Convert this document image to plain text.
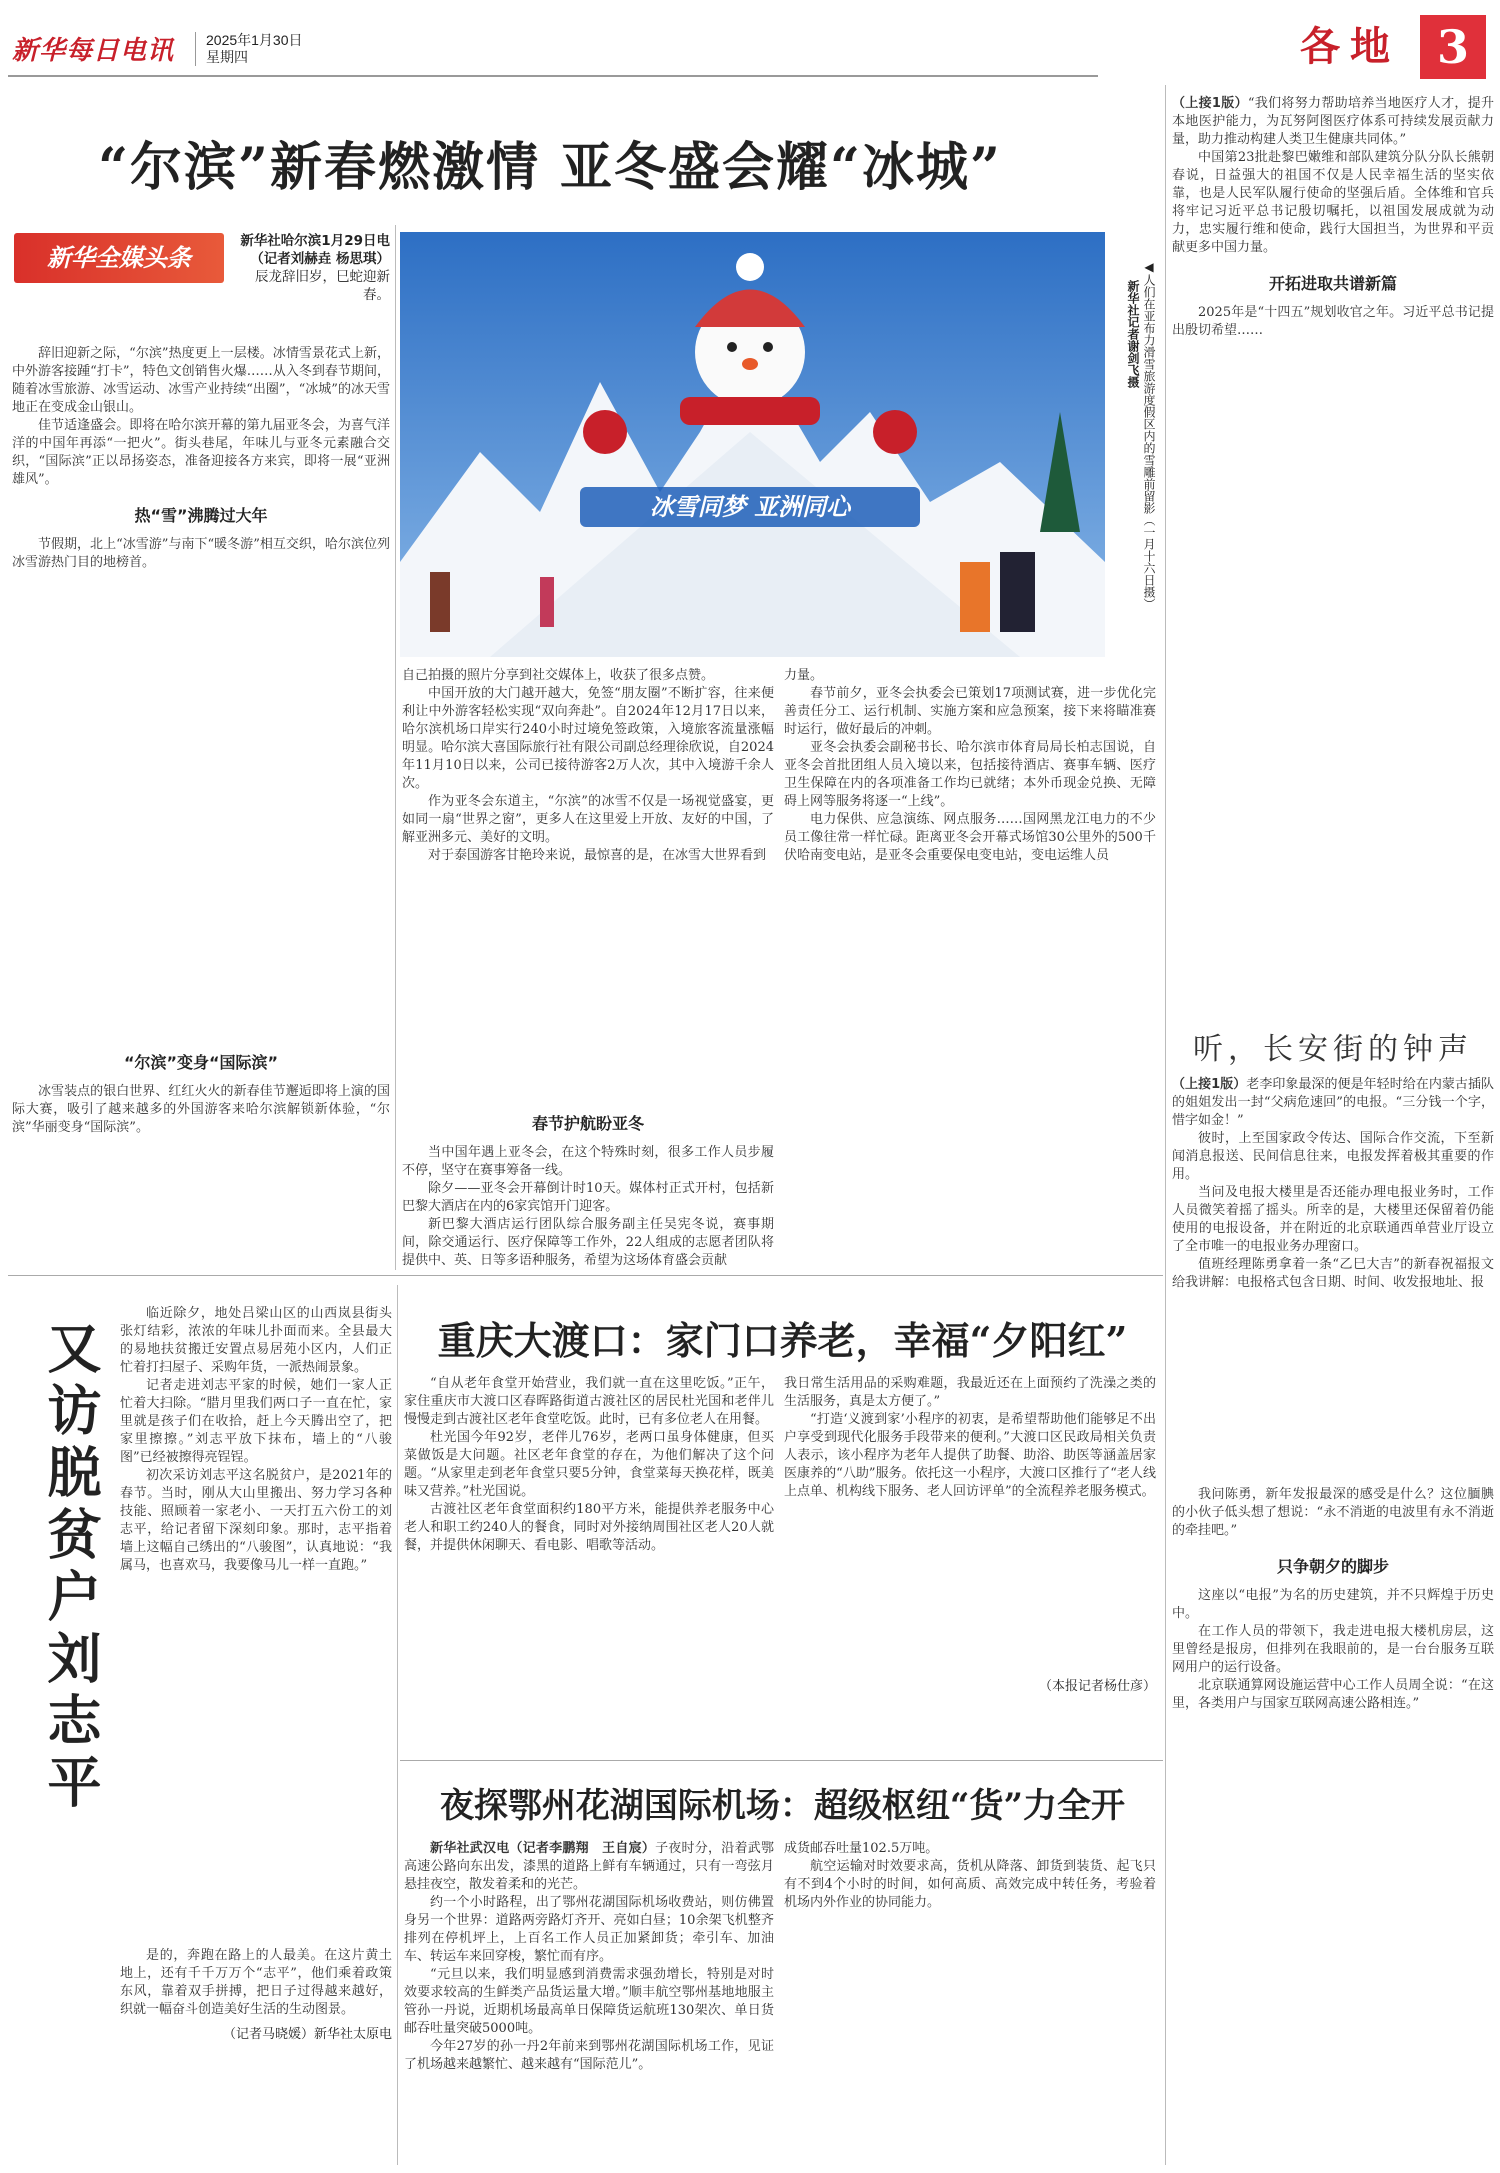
新华每日电讯 2025年1月30日
星期四	各地 3
“尔滨”新春燃激情 亚冬盛会耀“冰城”
新华全媒头条
新华社哈尔滨1月29日电（记者刘赫垚 杨思琪）辰龙辞旧岁，巳蛇迎新春。

辞旧迎新之际，“尔滨”热度更上一层楼。冰情雪景花式上新，中外游客接踵“打卡”，特色文创销售火爆……从入冬到春节期间，随着冰雪旅游、冰雪运动、冰雪产业持续“出圈”，“冰城”的冰天雪地正在变成金山银山。

佳节适逢盛会。即将在哈尔滨开幕的第九届亚冬会，为喜气洋洋的中国年再添“一把火”。街头巷尾，年味儿与亚冬元素融合交织，“国际滨”正以昂扬姿态，准备迎接各方来宾，即将一展“亚洲雄风”。

热“雪”沸腾过大年

节假期，北上“冰雪游”与南下“暖冬游”相互交织，哈尔滨位列冰雪游热门目的地榜首。

“尔滨”变身“国际滨”

冰雪装点的银白世界、红红火火的新春佳节邂逅即将上演的国际大赛，吸引了越来越多的外国游客来哈尔滨解锁新体验，“尔滨”华丽变身“国际滨”。

冰雪同梦 亚洲同心	◀人们在亚布力滑雪旅游度假区内的雪雕前留影（一月十六日摄） 新华社记者谢剑飞摄

自己拍摄的照片分享到社交媒体上，收获了很多点赞。

中国开放的大门越开越大，免签“朋友圈”不断扩容，往来便利让中外游客轻松实现“双向奔赴”。自2024年12月17日以来，哈尔滨机场口岸实行240小时过境免签政策，入境旅客流量涨幅明显。哈尔滨大喜国际旅行社有限公司副总经理徐欣说，自2024年11月10日以来，公司已接待游客2万人次，其中入境游千余人次。

作为亚冬会东道主，“尔滨”的冰雪不仅是一场视觉盛宴，更如同一扇“世界之窗”，更多人在这里爱上开放、友好的中国，了解亚洲多元、美好的文明。

对于泰国游客甘艳玲来说，最惊喜的是，在冰雪大世界看到

春节护航盼亚冬

当中国年遇上亚冬会，在这个特殊时刻，很多工作人员步履不停，坚守在赛事筹备一线。

除夕——亚冬会开幕倒计时10天。媒体村正式开村，包括新巴黎大酒店在内的6家宾馆开门迎客。

新巴黎大酒店运行团队综合服务副主任吴宪冬说，赛事期间，除交通运行、医疗保障等工作外，22人组成的志愿者团队将提供中、英、日等多语种服务，希望为这场体育盛会贡献

力量。

春节前夕，亚冬会执委会已策划17项测试赛，进一步优化完善责任分工、运行机制、实施方案和应急预案，接下来将瞄准赛时运行，做好最后的冲刺。

亚冬会执委会副秘书长、哈尔滨市体育局局长柏志国说，自亚冬会首批团组人员入境以来，包括接待酒店、赛事车辆、医疗卫生保障在内的各项准备工作均已就绪；本外币现金兑换、无障碍上网等服务将逐一“上线”。

电力保供、应急演练、网点服务……国网黑龙江电力的不少员工像往常一样忙碌。距离亚冬会开幕式场馆30公里外的500千伏哈南变电站，是亚冬会重要保电变电站，变电运维人员

（上接1版）“我们将努力帮助培养当地医疗人才，提升本地医护能力，为瓦努阿图医疗体系可持续发展贡献力量，助力推动构建人类卫生健康共同体。”

中国第23批赴黎巴嫩维和部队建筑分队分队长熊朝春说，日益强大的祖国不仅是人民幸福生活的坚实依靠，也是人民军队履行使命的坚强后盾。全体维和官兵将牢记习近平总书记殷切嘱托，以祖国发展成就为动力，忠实履行维和使命，践行大国担当，为世界和平贡献更多中国力量。

开拓进取共谱新篇

2025年是“十四五”规划收官之年。习近平总书记提出殷切希望……

听，长安街的钟声

（上接1版）老李印象最深的便是年轻时给在内蒙古插队的姐姐发出一封“父病危速回”的电报。“三分钱一个字，惜字如金！”

彼时，上至国家政令传达、国际合作交流，下至新闻消息报送、民间信息往来，电报发挥着极其重要的作用。

当问及电报大楼里是否还能办理电报业务时，工作人员微笑着摇了摇头。所幸的是，大楼里还保留着仍能使用的电报设备，并在附近的北京联通西单营业厅设立了全市唯一的电报业务办理窗口。

值班经理陈勇拿着一条“乙巳大吉”的新春祝福报文给我讲解：电报格式包含日期、时间、收发报地址、报

我问陈勇，新年发报最深的感受是什么？这位腼腆的小伙子低头想了想说：“永不消逝的电波里有永不消逝的牵挂吧。”

只争朝夕的脚步

这座以“电报”为名的历史建筑，并不只辉煌于历史中。

在工作人员的带领下，我走进电报大楼机房层，这里曾经是报房，但排列在我眼前的，是一台台服务互联网用户的运行设备。

北京联通算网设施运营中心工作人员周全说：“在这里，各类用户与国家互联网高速公路相连。”

又访脱贫户刘志平

临近除夕，地处吕梁山区的山西岚县街头张灯结彩，浓浓的年味儿扑面而来。全县最大的易地扶贫搬迁安置点易居苑小区内，人们正忙着打扫屋子、采购年货，一派热闹景象。

记者走进刘志平家的时候，她们一家人正忙着大扫除。“腊月里我们两口子一直在忙，家里就是孩子们在收拾，赶上今天腾出空了，把家里擦擦。”刘志平放下抹布，墙上的“八骏图”已经被擦得亮锃锃。

初次采访刘志平这名脱贫户，是2021年的春节。当时，刚从大山里搬出、努力学习各种技能、照顾着一家老小、一天打五六份工的刘志平，给记者留下深刻印象。那时，志平指着墙上这幅自己绣出的“八骏图”，认真地说：“我属马，也喜欢马，我要像马儿一样一直跑。”

是的，奔跑在路上的人最美。在这片黄土地上，还有千千万万个“志平”，他们乘着政策东风，靠着双手拼搏，把日子过得越来越好，织就一幅奋斗创造美好生活的生动图景。

（记者马晓媛）新华社太原电
重庆大渡口：家门口养老，幸福“夕阳红”

“自从老年食堂开始营业，我们就一直在这里吃饭。”正午，家住重庆市大渡口区春晖路街道古渡社区的居民杜光国和老伴儿慢慢走到古渡社区老年食堂吃饭。此时，已有多位老人在用餐。

杜光国今年92岁，老伴儿76岁，老两口虽身体健康，但买菜做饭是大问题。社区老年食堂的存在，为他们解决了这个问题。“从家里走到老年食堂只要5分钟，食堂菜每天换花样，既美味又营养。”杜光国说。

古渡社区老年食堂面积约180平方米，能提供养老服务中心老人和职工约240人的餐食，同时对外接纳周围社区老人20人就餐，并提供休闲聊天、看电影、唱歌等活动。

我日常生活用品的采购难题，我最近还在上面预约了洗澡之类的生活服务，真是太方便了。”

“打造‘义渡到家’小程序的初衷，是希望帮助他们能够足不出户享受到现代化服务手段带来的便利。”大渡口区民政局相关负责人表示，该小程序为老年人提供了助餐、助浴、助医等涵盖居家医康养的“八助”服务。依托这一小程序，大渡口区推行了“老人线上点单、机构线下服务、老人回访评单”的全流程养老服务模式。

（本报记者杨仕彦）
夜探鄂州花湖国际机场：超级枢纽“货”力全开

新华社武汉电（记者李鹏翔　王自宸）子夜时分，沿着武鄂高速公路向东出发，漆黑的道路上鲜有车辆通过，只有一弯弦月悬挂夜空，散发着柔和的光芒。

约一个小时路程，出了鄂州花湖国际机场收费站，则仿佛置身另一个世界：道路两旁路灯齐开、亮如白昼；10余架飞机整齐排列在停机坪上，上百名工作人员正加紧卸货；牵引车、加油车、转运车来回穿梭，繁忙而有序。

“元旦以来，我们明显感到消费需求强劲增长，特别是对时效要求较高的生鲜类产品货运量大增。”顺丰航空鄂州基地地服主管孙一丹说，近期机场最高单日保障货运航班130架次、单日货邮吞吐量突破5000吨。

今年27岁的孙一丹2年前来到鄂州花湖国际机场工作，见证了机场越来越繁忙、越来越有“国际范儿”。

成货邮吞吐量102.5万吨。

航空运输对时效要求高，货机从降落、卸货到装货、起飞只有不到4个小时的时间，如何高质、高效完成中转任务，考验着机场内外作业的协同能力。
